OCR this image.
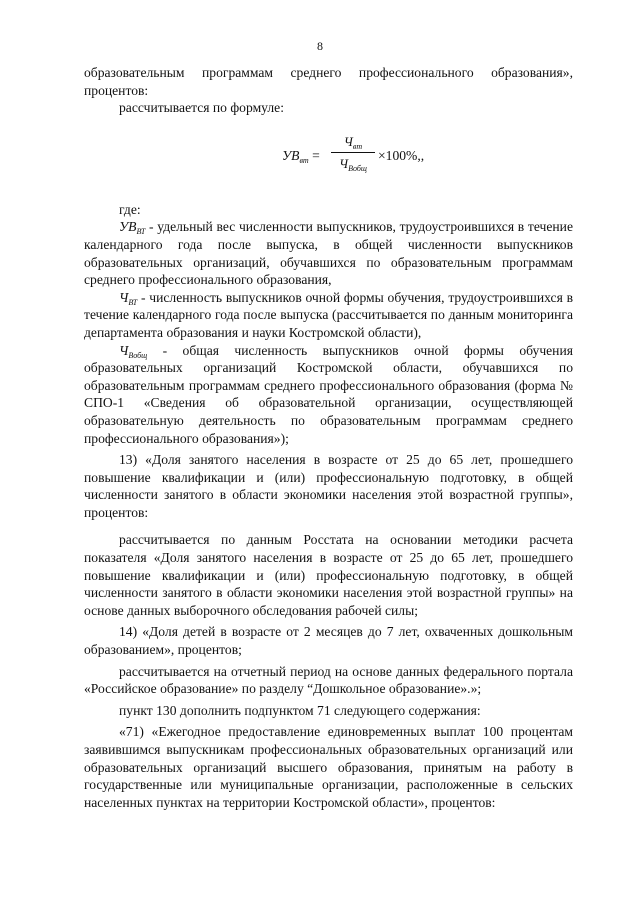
8

образовательным программам среднего профессионального образования», процентов:

рассчитывается по формуле:

$УВ_{вт}$ =
$Ч_{вт}$
$Ч_{Вобщ}$
×100%,,

где:

$УВ_{ВТ}$ - удельный вес численности выпускников, трудоустроившихся в течение календарного года после выпуска, в общей численности выпускников образовательных организаций, обучавшихся по образовательным программам среднего профессионального образования,

$Ч_{ВТ}$ - численность выпускников очной формы обучения, трудоустроившихся в течение календарного года после выпуска (рассчитывается по данным мониторинга департамента образования и науки Костромской области),

$Ч_{Вобщ}$ - общая численность выпускников очной формы обучения образовательных организаций Костромской области, обучавшихся по образовательным программам среднего профессионального образования (форма № СПО-1 «Сведения об образовательной организации, осуществляющей образовательную деятельность по образовательным программам среднего профессионального образования»);

13) «Доля занятого населения в возрасте от 25 до 65 лет, прошедшего повышение квалификации и (или) профессиональную подготовку, в общей численности занятого в области экономики населения этой возрастной группы», процентов:

рассчитывается по данным Росстата на основании методики расчета показателя «Доля занятого населения в возрасте от 25 до 65 лет, прошедшего повышение квалификации и (или) профессиональную подготовку, в общей численности занятого в области экономики населения этой возрастной группы» на основе данных выборочного обследования рабочей силы;

14) «Доля детей в возрасте от 2 месяцев до 7 лет, охваченных дошкольным образованием», процентов;

рассчитывается на отчетный период на основе данных федерального портала «Российское образование» по разделу “Дошкольное образование».»;

пункт 130 дополнить подпунктом 71 следующего содержания:

«71) «Ежегодное предоставление единовременных выплат 100 процентам заявившимся выпускникам профессиональных образовательных организаций или образовательных организаций высшего образования, принятым на работу в государственные или муниципальные организации, расположенные в сельских населенных пунктах на территории Костромской области», процентов:
